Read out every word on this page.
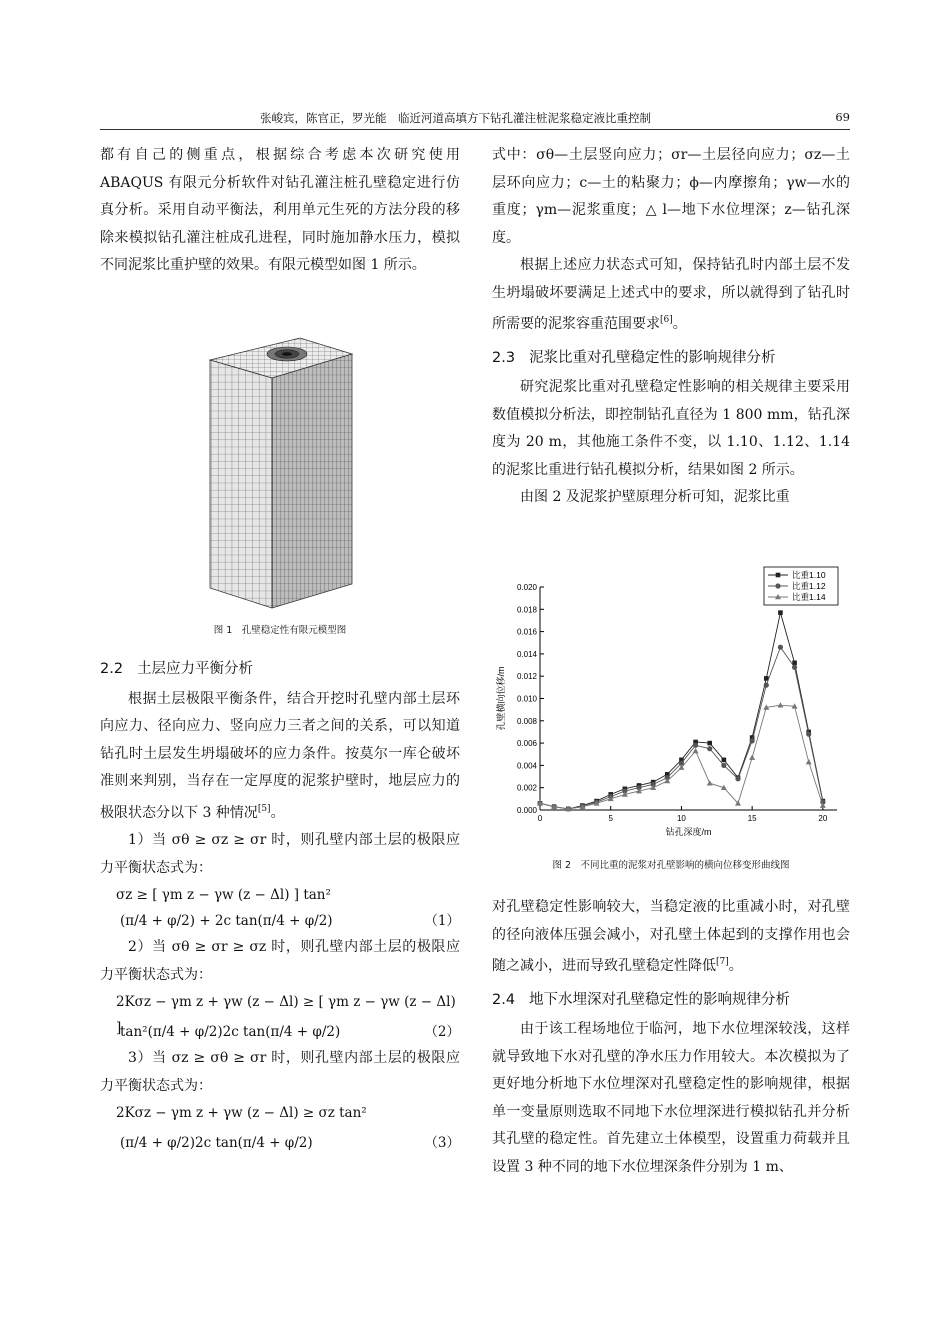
张峻宾，陈官正，罗光能　临近河道高填方下钻孔灌注桩泥浆稳定液比重控制	69

都有自己的侧重点，根据综合考虑本次研究使用 ABAQUS 有限元分析软件对钻孔灌注桩孔壁稳定进行仿真分析。采用自动平衡法，利用单元生死的方法分段的移除来模拟钻孔灌注桩成孔进程，同时施加静水压力，模拟不同泥浆比重护壁的效果。有限元模型如图 1 所示。

图 1　孔壁稳定性有限元模型图

2.2 土层应力平衡分析

根据土层极限平衡条件，结合开挖时孔壁内部土层环向应力、径向应力、竖向应力三者之间的关系，可以知道钻孔时土层发生坍塌破坏的应力条件。按莫尔一库仑破坏准则来判别，当存在一定厚度的泥浆护壁时，地层应力的极限状态分以下 3 种情况[5]。

1）当 σθ ≥ σz ≥ σr 时，则孔壁内部土层的极限应力平衡状态式为：

σz ≥ [ γm z − γw (z − Δl) ] tan²
(π/4 + φ/2) + 2c tan(π/4 + φ/2)	（1）

2）当 σθ ≥ σr ≥ σz 时，则孔壁内部土层的极限应力平衡状态式为：

2Kσz − γm z + γw (z − Δl) ≥ [ γm z − γw (z − Δl) ]
tan²(π/4 + φ/2)2c tan(π/4 + φ/2)	（2）

3）当 σz ≥ σθ ≥ σr 时，则孔壁内部土层的极限应力平衡状态式为：

2Kσz − γm z + γw (z − Δl) ≥ σz tan²
(π/4 + φ/2)2c tan(π/4 + φ/2)	（3）

式中：σθ—土层竖向应力；σr—土层径向应力；σz—土层环向应力；c—土的粘聚力；ϕ—内摩擦角；γw—水的重度；γm—泥浆重度；△ l—地下水位埋深；z—钻孔深度。

根据上述应力状态式可知，保持钻孔时内部土层不发生坍塌破坏要满足上述式中的要求，所以就得到了钻孔时所需要的泥浆容重范围要求[6]。

2.3 泥浆比重对孔壁稳定性的影响规律分析

研究泥浆比重对孔壁稳定性影响的相关规律主要采用数值模拟分析法，即控制钻孔直径为 1 800 mm，钻孔深度为 20 m，其他施工条件不变，以 1.10、1.12、1.14 的泥浆比重进行钻孔模拟分析，结果如图 2 所示。

由图 2 及泥浆护壁原理分析可知，泥浆比重

0.000
0.002
0.004
0.006
0.008
0.010
0.012
0.014
0.016
0.018
0.020
0	5	10	15	20
钻孔深度/m
孔壁横向位移/m
比重1.10
比重1.12
比重1.14
图 2　不同比重的泥浆对孔壁影响的横向位移变形曲线图

对孔壁稳定性影响较大，当稳定液的比重减小时，对孔壁的径向液体压强会减小，对孔壁土体起到的支撑作用也会随之减小，进而导致孔壁稳定性降低[7]。

2.4 地下水埋深对孔壁稳定性的影响规律分析

由于该工程场地位于临河，地下水位埋深较浅，这样就导致地下水对孔壁的净水压力作用较大。本次模拟为了更好地分析地下水位埋深对孔壁稳定性的影响规律，根据单一变量原则选取不同地下水位埋深进行模拟钻孔并分析其孔壁的稳定性。首先建立土体模型，设置重力荷载并且设置 3 种不同的地下水位埋深条件分别为 1 m、
